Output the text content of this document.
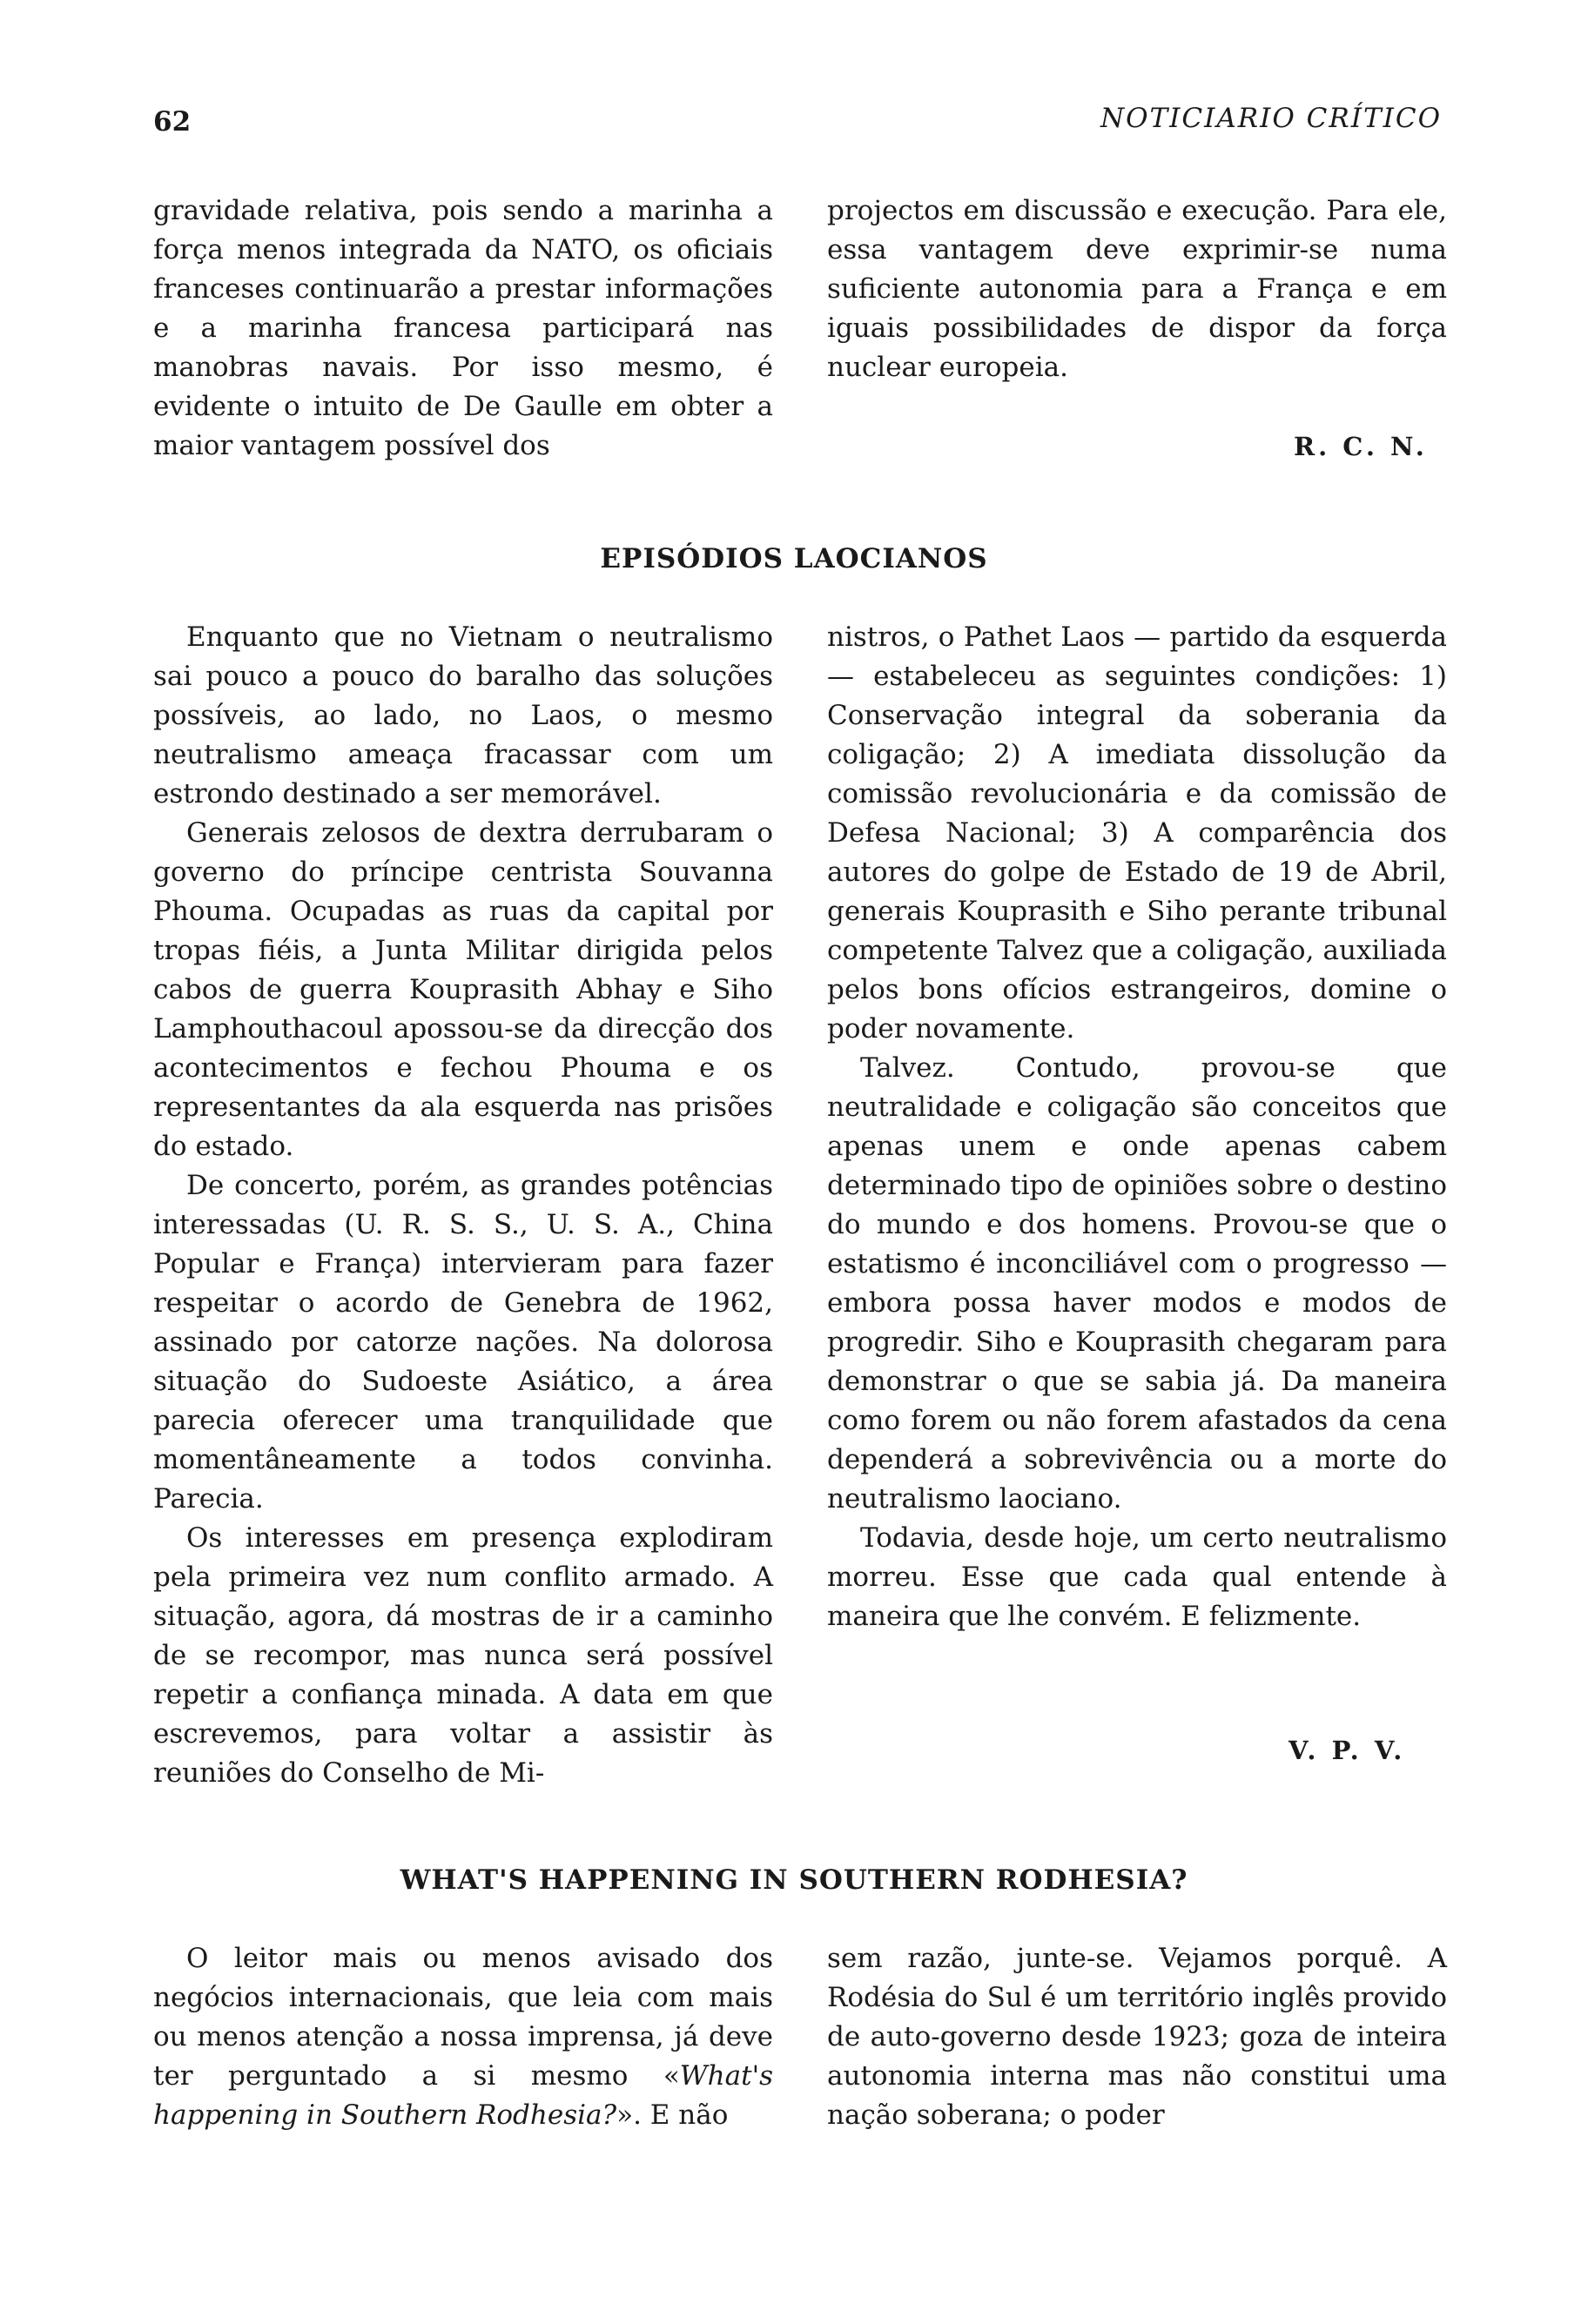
62	NOTICIARIO CRÍTICO

gravidade relativa, pois sendo a marinha a força menos integrada da NATO, os oficiais franceses continuarão a prestar informações e a marinha francesa participará nas manobras navais. Por isso mesmo, é evidente o intuito de De Gaulle em obter a maior vantagem possível dos

projectos em discussão e execução. Para ele, essa vantagem deve exprimir-se numa suficiente autonomia para a França e em iguais possibilidades de dispor da força nuclear europeia.

R. C. N.
EPISÓDIOS LAOCIANOS

Enquanto que no Vietnam o neutralismo sai pouco a pouco do baralho das soluções possíveis, ao lado, no Laos, o mesmo neutralismo ameaça fracassar com um estrondo destinado a ser memorável.

Generais zelosos de dextra derrubaram o governo do príncipe centrista Souvanna Phouma. Ocupadas as ruas da capital por tropas fiéis, a Junta Militar dirigida pelos cabos de guerra Kouprasith Abhay e Siho Lamphouthacoul apossou-se da direcção dos acontecimentos e fechou Phouma e os representantes da ala esquerda nas prisões do estado.

De concerto, porém, as grandes potências interessadas (U. R. S. S., U. S. A., China Popular e França) intervieram para fazer respeitar o acordo de Genebra de 1962, assinado por catorze nações. Na dolorosa situação do Sudoeste Asiático, a área parecia oferecer uma tranquilidade que momentâneamente a todos convinha. Parecia.

Os interesses em presença explodiram pela primeira vez num conflito armado. A situação, agora, dá mostras de ir a caminho de se recompor, mas nunca será possível repetir a confiança minada. A data em que escrevemos, para voltar a assistir às reuniões do Conselho de Mi-

nistros, o Pathet Laos — partido da esquerda — estabeleceu as seguintes condições: 1) Conservação integral da soberania da coligação; 2) A imediata dissolução da comissão revolucionária e da comissão de Defesa Nacional; 3) A comparência dos autores do golpe de Estado de 19 de Abril, generais Kouprasith e Siho perante tribunal competente Talvez que a coligação, auxiliada pelos bons ofícios estrangeiros, domine o poder novamente.

Talvez. Contudo, provou-se que neutralidade e coligação são conceitos que apenas unem e onde apenas cabem determinado tipo de opiniões sobre o destino do mundo e dos homens. Provou-se que o estatismo é inconciliável com o progresso — embora possa haver modos e modos de progredir. Siho e Kouprasith chegaram para demonstrar o que se sabia já. Da maneira como forem ou não forem afastados da cena dependerá a sobrevivência ou a morte do neutralismo laociano.

Todavia, desde hoje, um certo neutralismo morreu. Esse que cada qual entende à maneira que lhe convém. E felizmente.

V. P. V.
WHAT'S HAPPENING IN SOUTHERN RODHESIA?

O leitor mais ou menos avisado dos negócios internacionais, que leia com mais ou menos atenção a nossa imprensa, já deve ter perguntado a si mesmo «What's happening in Southern Rodhesia?». E não

sem razão, junte-se. Vejamos porquê. A Rodésia do Sul é um território inglês provido de auto-governo desde 1923; goza de inteira autonomia interna mas não constitui uma nação soberana; o poder
